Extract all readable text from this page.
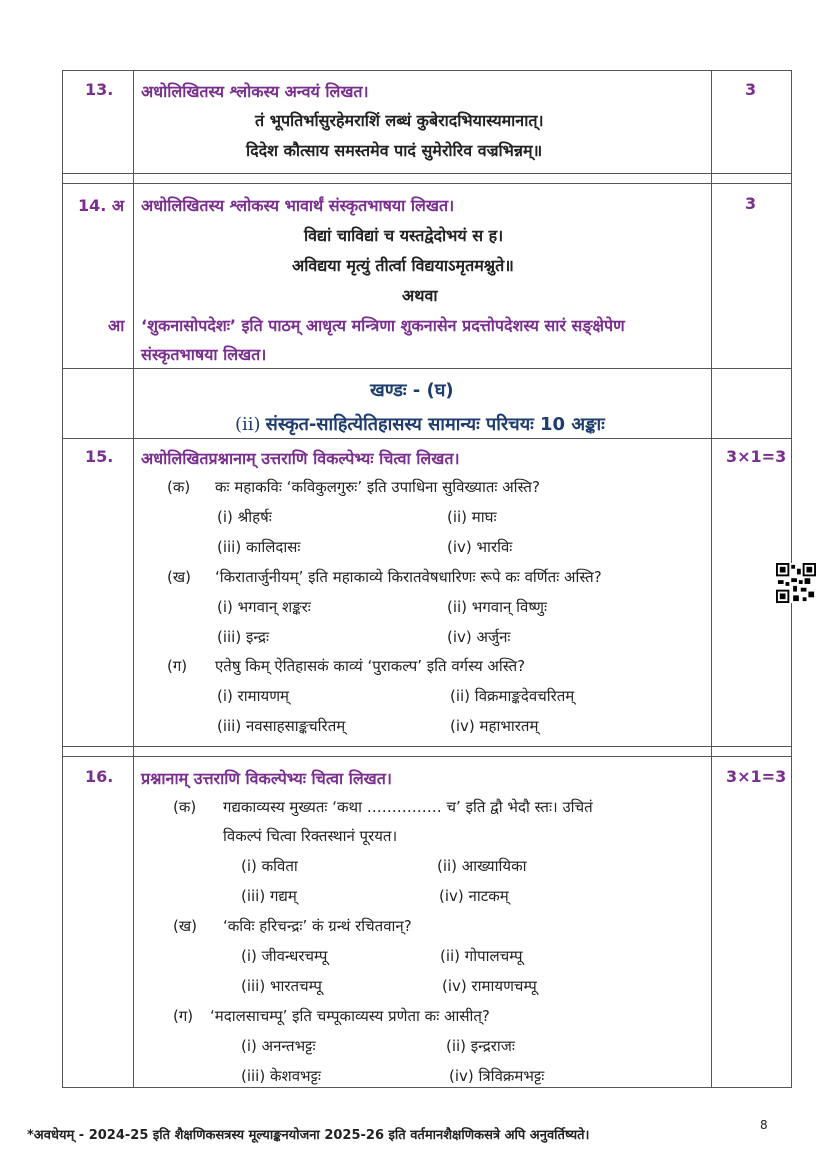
13. अधोलिखितस्य श्लोकस्य अन्वयं लिखत।
तं भूपतिर्भासुरहेमराशिं लब्धं कुबेरादभियास्यमानात्।
दिदेश कौत्साय समस्तमेव पादं सुमेरोरिव वज्रभिन्नम्॥
3
14. अ अधोलिखितस्य श्लोकस्य भावार्थं संस्कृतभाषया लिखत।
विद्यां चाविद्यां च यस्तद्वेदोभयं स ह।
अविद्यया मृत्युं तीर्त्वा विद्ययाऽमृतमश्नुते॥
अथवा
आ ‘शुकनासोपदेशः’ इति पाठम् आधृत्य मन्त्रिणा शुकनासेन प्रदत्तोपदेशस्य सारं सङ्क्षेपेण
संस्कृतभाषया लिखत।
3
खण्डः - (घ)
(ii) संस्कृत-साहित्येतिहासस्य सामान्यः परिचयः 10 अङ्काः
15. अधोलिखितप्रश्नानाम् उत्तराणि विकल्पेभ्यः चित्वा लिखत।	3×1=3
(क) कः महाकविः ‘कविकुलगुरुः’ इति उपाधिना सुविख्यातः अस्ति?
(i) श्रीहर्षः	(ii) माघः
(iii) कालिदासः	(iv) भारविः
(ख) ‘किरातार्जुनीयम्’ इति महाकाव्ये किरातवेषधारिणः रूपे कः वर्णितः अस्ति?
(i) भगवान् शङ्करः	(ii) भगवान् विष्णुः
(iii) इन्द्रः	(iv) अर्जुनः
(ग) एतेषु किम् ऐतिहासकं काव्यं ‘पुराकल्प’ इति वर्गस्य अस्ति?
(i) रामायणम्	(ii) विक्रमाङ्कदेवचरितम्
(iii) नवसाहसाङ्कचरितम्	(iv) महाभारतम्
16. प्रश्नानाम् उत्तराणि विकल्पेभ्यः चित्वा लिखत।	3×1=3
(क) गद्यकाव्यस्य मुख्यतः ‘कथा …………… च’ इति द्वौ भेदौ स्तः। उचितं
विकल्पं चित्वा रिक्तस्थानं पूरयत।
(i) कविता	(ii) आख्यायिका
(iii) गद्यम्	(iv) नाटकम्
(ख) ‘कविः हरिचन्द्रः’ कं ग्रन्थं रचितवान्?
(i) जीवन्धरचम्पू	(ii) गोपालचम्पू
(iii) भारतचम्पू	(iv) रामायणचम्पू
(ग) ‘मदालसाचम्पू’ इति चम्पूकाव्यस्य प्रणेता कः आसीत्?
(i) अनन्तभट्टः	(ii) इन्द्रराजः
(iii) केशवभट्टः	(iv) त्रिविक्रमभट्टः
*अवधेयम् - 2024-25 इति शैक्षणिकसत्रस्य मूल्याङ्कनयोजना 2025-26 इति वर्तमानशैक्षणिकसत्रे अपि अनुवर्तिष्यते।
8
